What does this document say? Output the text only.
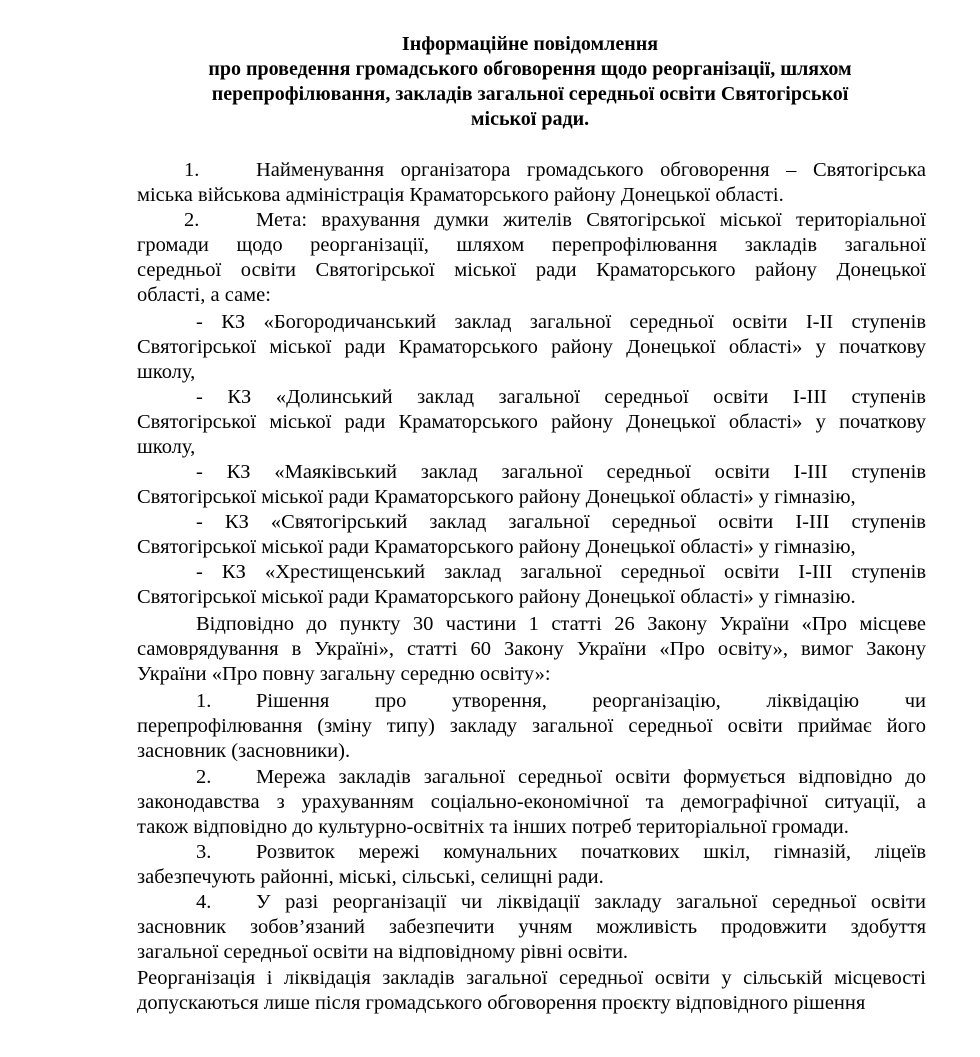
Інформаційне повідомлення
про проведення громадського обговорення щодо реорганізації, шляхом
перепрофілювання, закладів загальної середньої освіти Святогірської
міської ради.
1.	Найменування організатора громадського обговорення – Святогірська
міська військова адміністрація Краматорського району Донецької області.
2.	Мета: врахування думки жителів Святогірської міської територіальної
громади щодо реорганізації, шляхом перепрофілювання закладів загальної
середньої освіти Святогірської міської ради Краматорського району Донецької
області, а саме:
- КЗ «Богородичанський заклад загальної середньої освіти І-ІІ ступенів
Святогірської міської ради Краматорського району Донецької області» у початкову
школу,
- КЗ «Долинський заклад загальної середньої освіти І-ІІІ ступенів
Святогірської міської ради Краматорського району Донецької області» у початкову
школу,
- КЗ «Маяківський заклад загальної середньої освіти І-ІІІ ступенів
Святогірської міської ради Краматорського району Донецької області» у гімназію,
- КЗ «Святогірський заклад загальної середньої освіти І-ІІІ ступенів
Святогірської міської ради Краматорського району Донецької області» у гімназію,
- КЗ «Хрестищенський заклад загальної середньої освіти І-ІІІ ступенів
Святогірської міської ради Краматорського району Донецької області» у гімназію.
Відповідно до пункту 30 частини 1 статті 26 Закону України «Про місцеве
самоврядування в Україні», статті 60 Закону України «Про освіту», вимог Закону
України «Про повну загальну середню освіту»:
1. Рішення про утворення, реорганізацію, ліквідацію чи
перепрофілювання (зміну типу) закладу загальної середньої освіти приймає його
засновник (засновники).
2. Мережа закладів загальної середньої освіти формується відповідно до
законодавства з урахуванням соціально-економічної та демографічної ситуації, а
також відповідно до культурно-освітніх та інших потреб територіальної громади.
3. Розвиток мережі комунальних початкових шкіл, гімназій, ліцеїв
забезпечують районні, міські, сільські, селищні ради.
4. У разі реорганізації чи ліквідації закладу загальної середньої освіти
засновник зобов’язаний забезпечити учням можливість продовжити здобуття
загальної середньої освіти на відповідному рівні освіти.
Реорганізація і ліквідація закладів загальної середньої освіти у сільській місцевості
допускаються лише після громадського обговорення проєкту відповідного рішення
